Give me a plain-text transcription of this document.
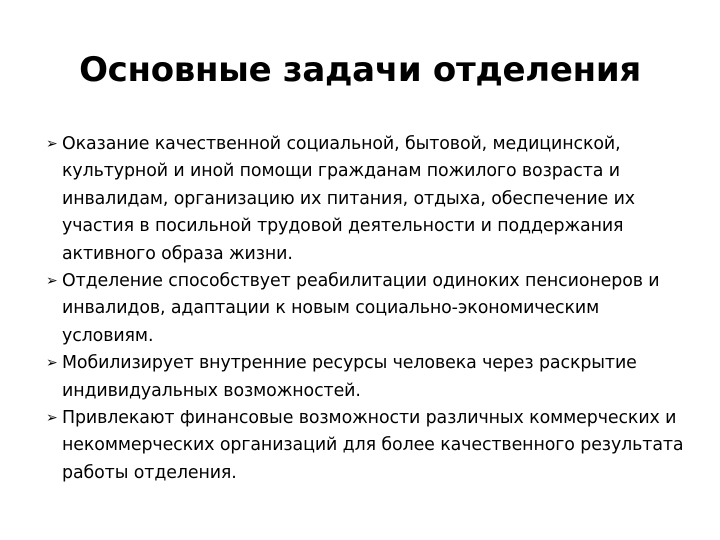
Основные задачи отделения
➢ Оказание качественной социальной, бытовой, медицинской,
культурной и иной помощи гражданам пожилого возраста и
инвалидам, организацию их питания, отдыха, обеспечение их
участия в посильной трудовой деятельности и поддержания
активного образа жизни.
➢ Отделение способствует реабилитации одиноких пенсионеров и
инвалидов, адаптации к новым социально-экономическим
условиям.
➢ Мобилизирует внутренние ресурсы человека через раскрытие
индивидуальных возможностей.
➢ Привлекают финансовые возможности различных коммерческих и
некоммерческих организаций для более качественного результата
работы отделения.
